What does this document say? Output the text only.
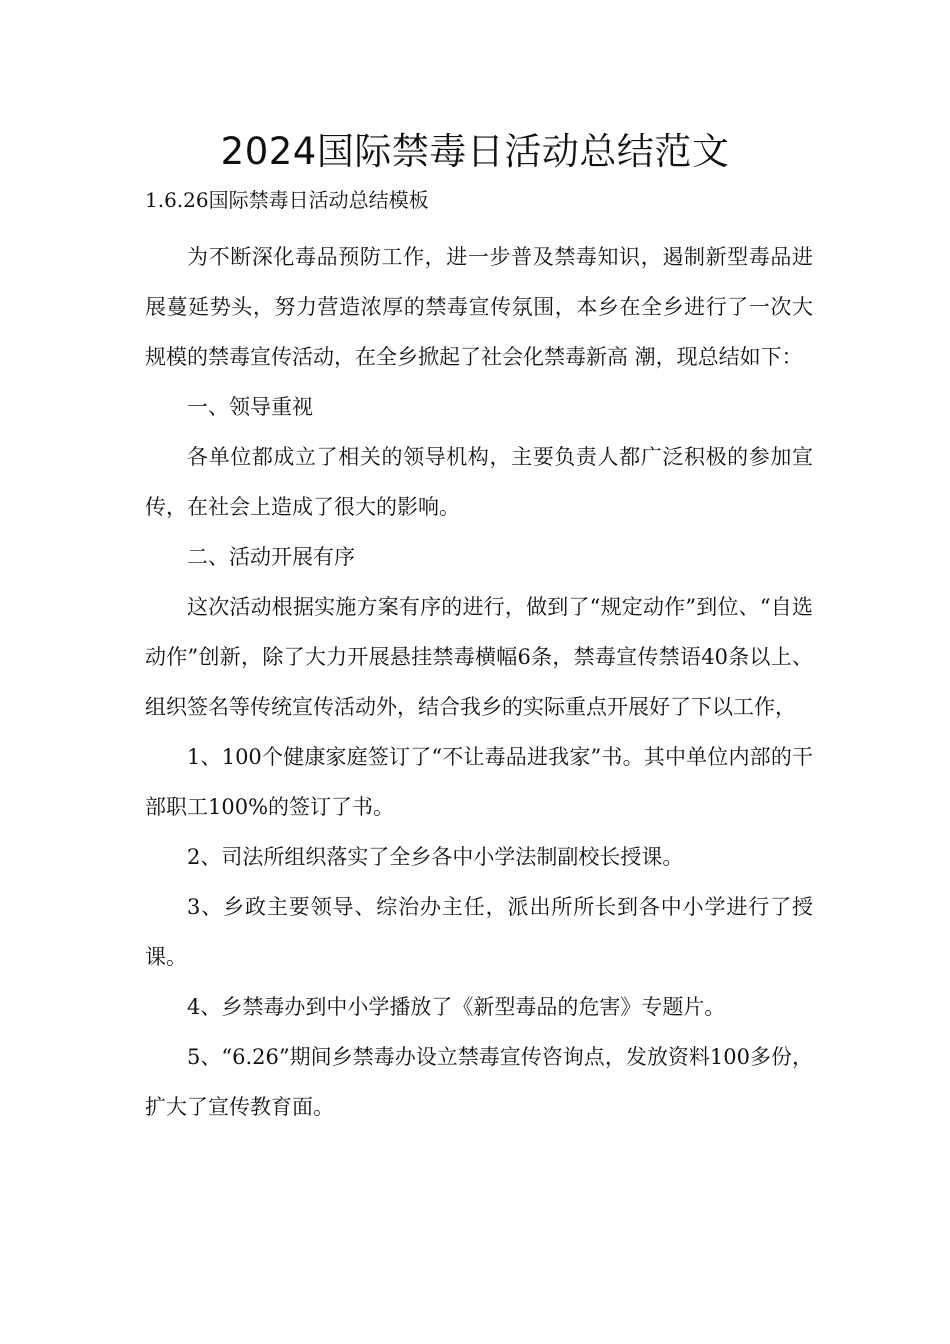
2024国际禁毒日活动总结范文

1.6.26国际禁毒日活动总结模板

为不断深化毒品预防工作，进一步普及禁毒知识，遏制新型毒品进展蔓延势头，努力营造浓厚的禁毒宣传氛围，本乡在全乡进行了一次大规模的禁毒宣传活动，在全乡掀起了社会化禁毒新高 潮，现总结如下：

一、领导重视

各单位都成立了相关的领导机构，主要负责人都广泛积极的参加宣传，在社会上造成了很大的影响。

二、活动开展有序

这次活动根据实施方案有序的进行，做到了“规定动作”到位、“自选动作”创新，除了大力开展悬挂禁毒横幅6条，禁毒宣传禁语40条以上、组织签名等传统宣传活动外，结合我乡的实际重点开展好了下以工作，

1、100个健康家庭签订了“不让毒品进我家”书。其中单位内部的干部职工100%的签订了书。

2、司法所组织落实了全乡各中小学法制副校长授课。

3、乡政主要领导、综治办主任，派出所所长到各中小学进行了授课。

4、乡禁毒办到中小学播放了《新型毒品的危害》专题片。

5、“6.26”期间乡禁毒办设立禁毒宣传咨询点，发放资料100多份，扩大了宣传教育面。
